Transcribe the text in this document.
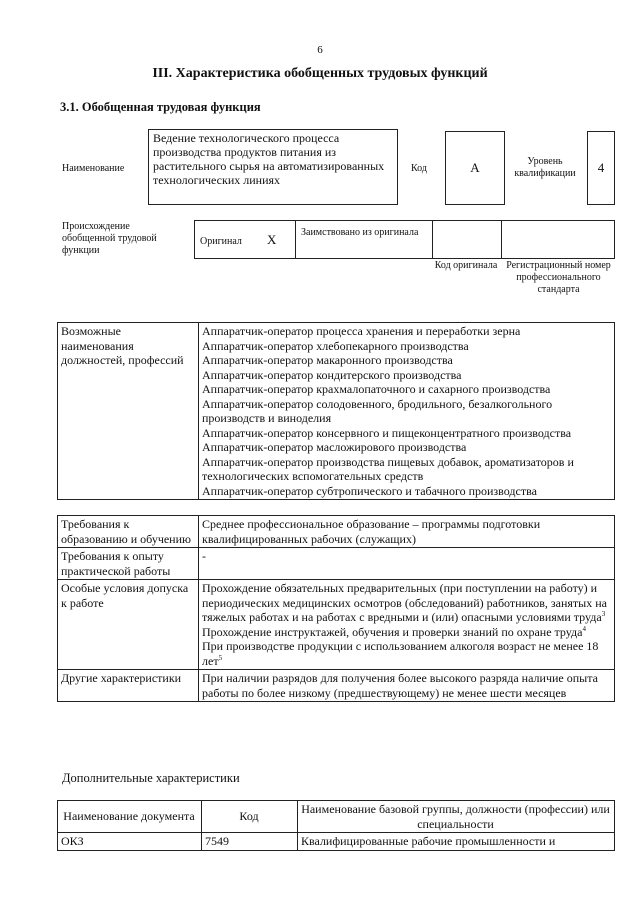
6
III. Характеристика обобщенных трудовых функций
3.1. Обобщенная трудовая функция
Наименование
Ведение технологического процесса производства продуктов питания из растительного сырья на автоматизированных технологических линиях
Код	А	Уровень квалификации	4
Происхождение обобщенной трудовой функции
Оригинал X Заимствовано из оригинала
Код оригинала Регистрационный номер профессионального стандарта
Возможные наименования должностей, профессий	
Аппаратчик-оператор процесса хранения и переработки зерна
Аппаратчик-оператор хлебопекарного производства
Аппаратчик-оператор макаронного производства
Аппаратчик-оператор кондитерского производства
Аппаратчик-оператор крахмалопаточного и сахарного производства
Аппаратчик-оператор солодовенного, бродильного, безалкогольного производств и виноделия
Аппаратчик-оператор консервного и пищеконцентратного производства
Аппаратчик-оператор масложирового производства
Аппаратчик-оператор производства пищевых добавок, ароматизаторов и технологических вспомогательных средств
Аппаратчик-оператор субтропического и табачного производства
Требования к образованию и обучению	Среднее профессиональное образование – программы подготовки квалифицированных рабочих (служащих)
Требования к опыту практической работы	-
Особые условия допуска к работе	Прохождение обязательных предварительных (при поступлении на работу) и периодических медицинских осмотров (обследований) работников, занятых на тяжелых работах и на работах с вредными и (или) опасными условиями труда$^3$
Прохождение инструктажей, обучения и проверки знаний по охране труда$^4$
При производстве продукции с использованием алкоголя возраст не менее 18 лет$^5$

Другие характеристики	При наличии разрядов для получения более высокого разряда наличие опыта работы по более низкому (предшествующему) не менее шести месяцев
Дополнительные характеристики
Наименование документа	Код	Наименование базовой группы, должности (профессии) или специальности
ОКЗ	7549	Квалифицированные рабочие промышленности и
